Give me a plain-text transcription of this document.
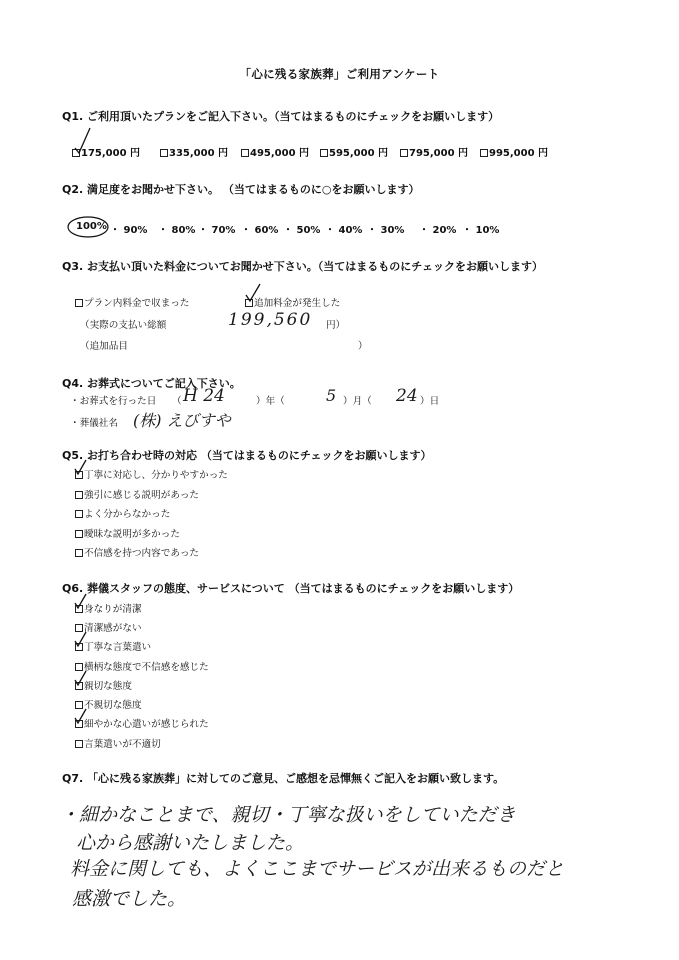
「心に残る家族葬」ご利用アンケート
Q1. ご利用頂いたプランをご記入下さい。（当てはまるものにチェックをお願いします）
175,000 円	335,000 円	495,000 円	595,000 円	795,000 円	995,000 円
Q2. 満足度をお聞かせ下さい。 （当てはまるものに○をお願いします）
100% ・ 90% ・ 80% ・ 70% ・ 60% ・ 50% ・ 40% ・ 30% ・ 20% ・ 10%
Q3. お支払い頂いた料金についてお聞かせ下さい。（当てはまるものにチェックをお願いします）
プラン内料金で収まった	追加料金が発生した
（実際の支払い総額	199,560 円）
（追加品目	）
Q4. お葬式についてご記入下さい。
・お葬式を行った日 （ H 24	）年（	5 ）月（ 24 ）日
・葬儀社名 (株) えびすや
Q5. お打ち合わせ時の対応 （当てはまるものにチェックをお願いします）
丁寧に対応し、分かりやすかった
強引に感じる説明があった
よく分からなかった
曖昧な説明が多かった
不信感を持つ内容であった
Q6. 葬儀スタッフの態度、サービスについて （当てはまるものにチェックをお願いします）
身なりが清潔
清潔感がない
丁寧な言葉遣い
横柄な態度で不信感を感じた
親切な態度
不親切な態度
細やかな心遣いが感じられた
言葉遣いが不適切
Q7. 「心に残る家族葬」に対してのご意見、ご感想を忌憚無くご記入をお願い致します。
・細かなことまで、親切・丁寧な扱いをしていただき
心から感謝いたしました。
料金に関しても、よくここまでサービスが出来るものだと
感激でした。
